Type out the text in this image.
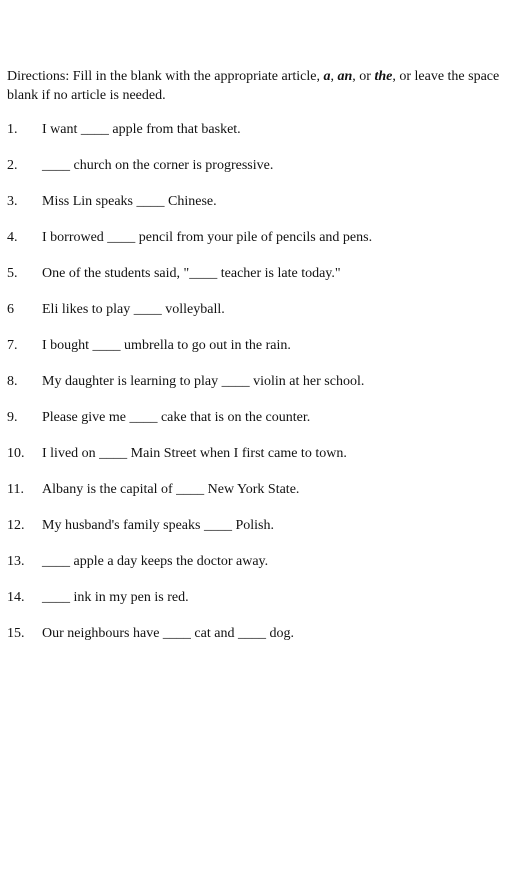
Directions: Fill in the blank with the appropriate article, a, an, or the, or leave the space
blank if no article is needed.
1. I want ____ apple from that basket.
2. ____ church on the corner is progressive.
3. Miss Lin speaks ____ Chinese.
4. I borrowed ____ pencil from your pile of pencils and pens.
5. One of the students said, "____ teacher is late today."
6 Eli likes to play ____ volleyball.
7. I bought ____ umbrella to go out in the rain.
8. My daughter is learning to play ____ violin at her school.
9. Please give me ____ cake that is on the counter.
10. I lived on ____ Main Street when I first came to town.
11. Albany is the capital of ____ New York State.
12. My husband's family speaks ____ Polish.
13. ____ apple a day keeps the doctor away.
14. ____ ink in my pen is red.
15. Our neighbours have ____ cat and ____ dog.
